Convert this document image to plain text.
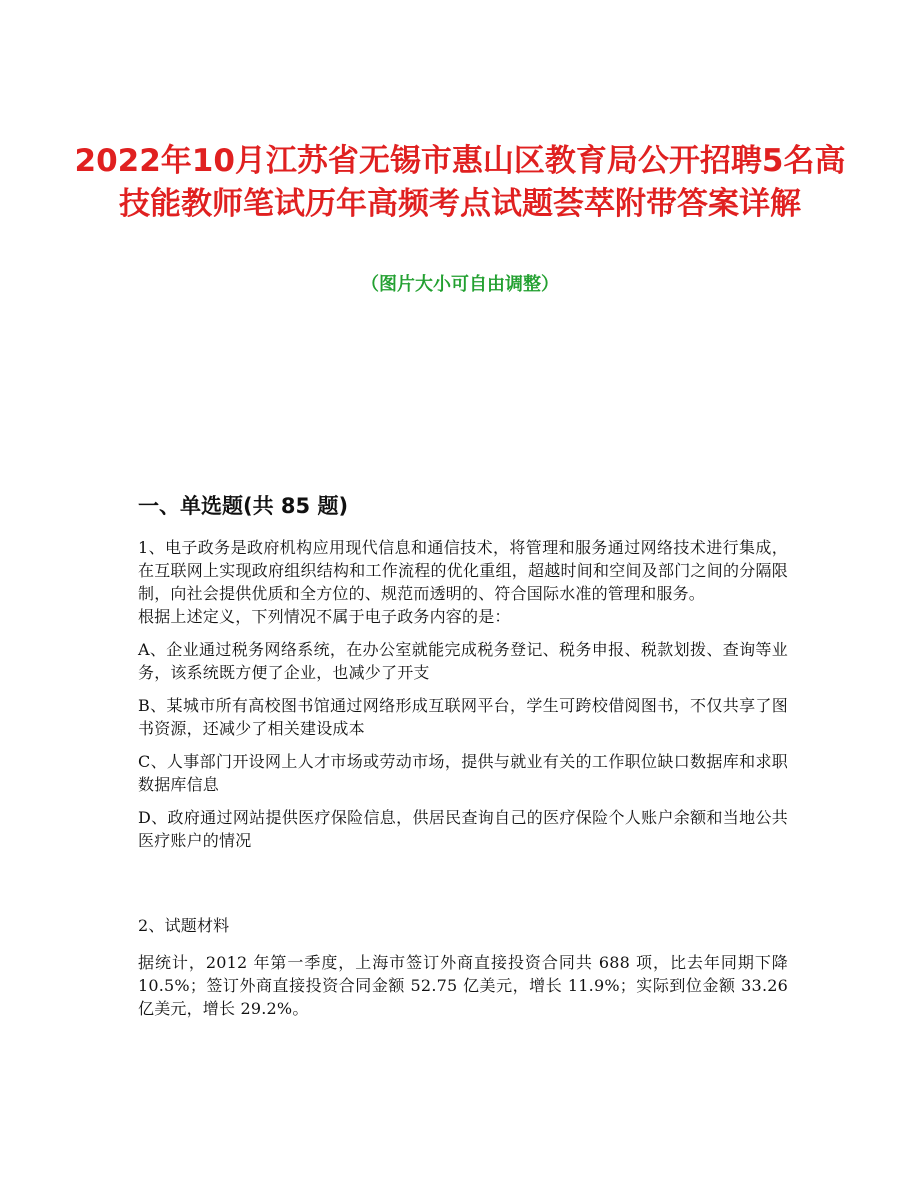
2022年10月江苏省无锡市惠山区教育局公开招聘5名高技能教师笔试历年高频考点试题荟萃附带答案详解
（图片大小可自由调整）
一、单选题(共 85 题)

1、电子政务是政府机构应用现代信息和通信技术，将管理和服务通过网络技术进行集成，在互联网上实现政府组织结构和工作流程的优化重组，超越时间和空间及部门之间的分隔限制，向社会提供优质和全方位的、规范而透明的、符合国际水准的管理和服务。

根据上述定义，下列情况不属于电子政务内容的是：

A、企业通过税务网络系统，在办公室就能完成税务登记、税务申报、税款划拨、查询等业务，该系统既方便了企业，也减少了开支

B、某城市所有高校图书馆通过网络形成互联网平台，学生可跨校借阅图书，不仅共享了图书资源，还减少了相关建设成本

C、人事部门开设网上人才市场或劳动市场，提供与就业有关的工作职位缺口数据库和求职数据库信息

D、政府通过网站提供医疗保险信息，供居民查询自己的医疗保险个人账户余额和当地公共医疗账户的情况

2、试题材料

据统计，2012 年第一季度，上海市签订外商直接投资合同共 688 项，比去年同期下降 10.5%；签订外商直接投资合同金额 52.75 亿美元，增长 11.9%；实际到位金额 33.26 亿美元，增长 29.2%。
